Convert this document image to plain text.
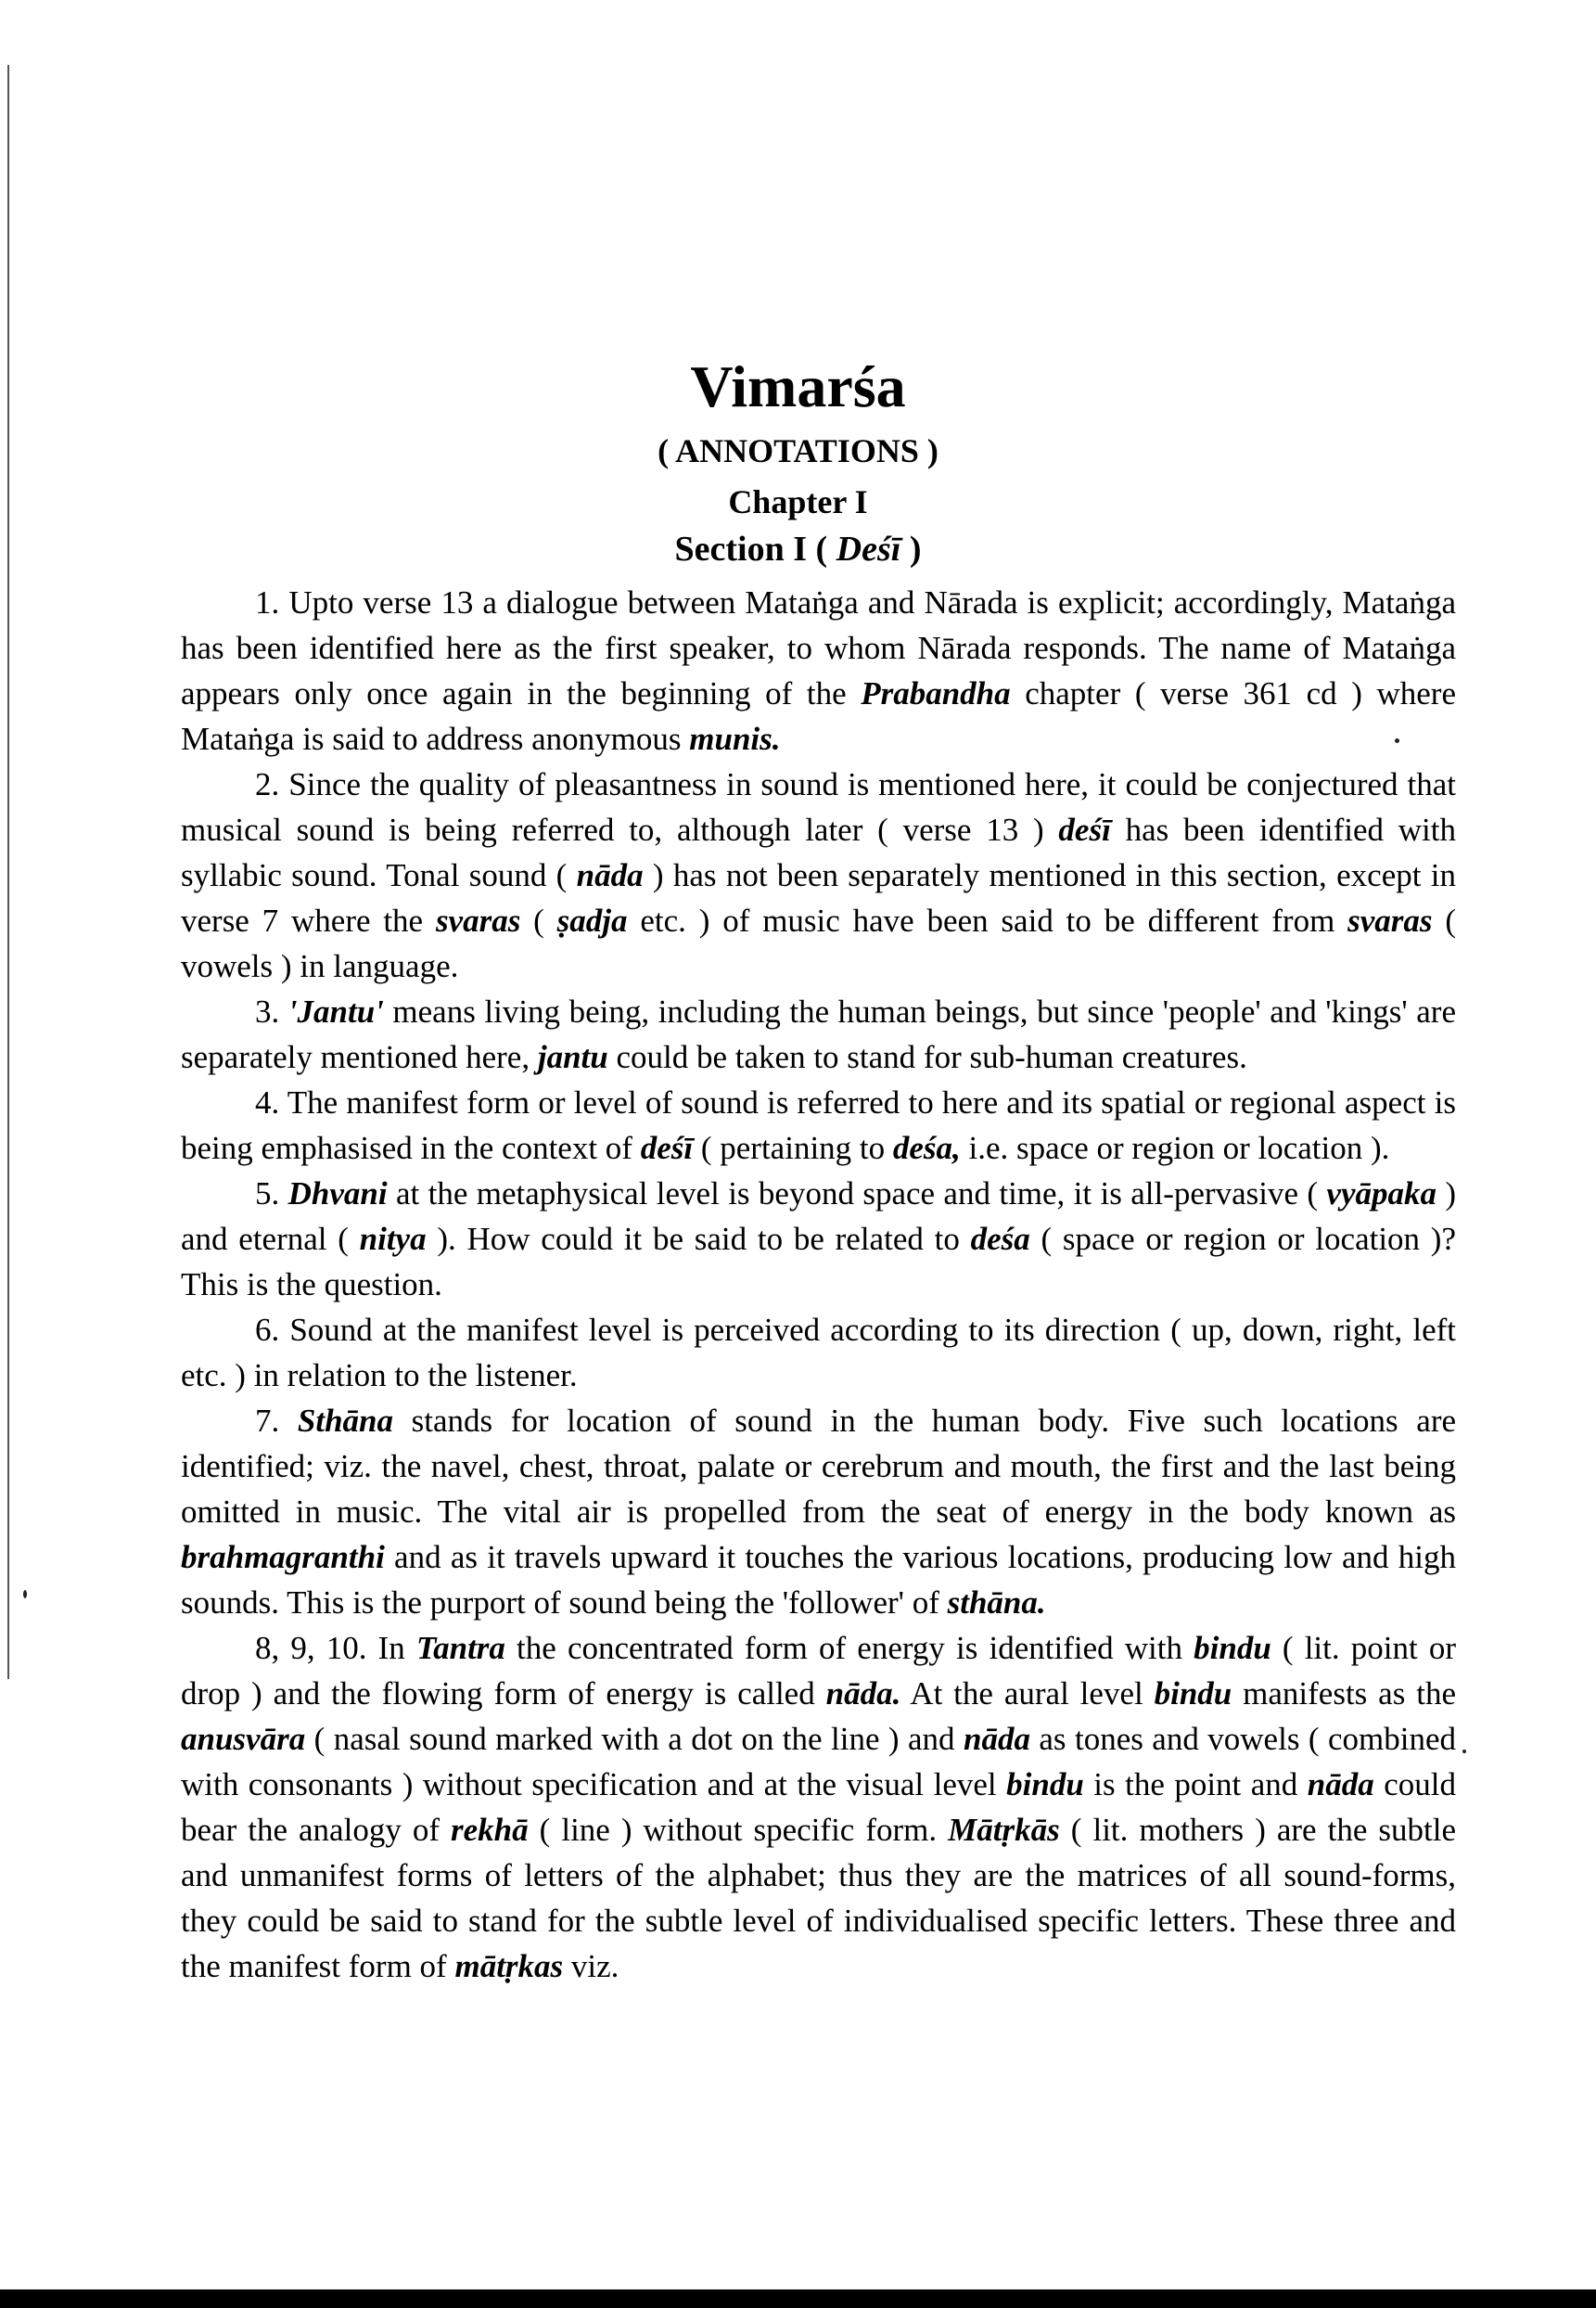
Vimarśa
( ANNOTATIONS )
Chapter I
Section I ( Deśī )

1. Upto verse 13 a dialogue between Mataṅga and Nārada is explicit; accordingly, Mataṅga has been identified here as the first speaker, to whom Nārada responds. The name of Mataṅga appears only once again in the beginning of the Prabandha chapter ( verse 361 cd ) where Mataṅga is said to address anonymous munis.

2. Since the quality of pleasantness in sound is mentioned here, it could be conjectured that musical sound is being referred to, although later ( verse 13 ) deśī has been identified with syllabic sound. Tonal sound ( nāda ) has not been separately mentioned in this section, except in verse 7 where the svaras ( ṣadja etc. ) of music have been said to be different from svaras ( vowels ) in language.

3. 'Jantu' means living being, including the human beings, but since 'people' and 'kings' are separately mentioned here, jantu could be taken to stand for sub-human creatures.

4. The manifest form or level of sound is referred to here and its spatial or regional aspect is being emphasised in the context of deśī ( pertaining to deśa, i.e. space or region or location ).

5. Dhvani at the metaphysical level is beyond space and time, it is all-pervasive ( vyāpaka ) and eternal ( nitya ). How could it be said to be related to deśa ( space or region or location )? This is the question.

6. Sound at the manifest level is perceived according to its direction ( up, down, right, left etc. ) in relation to the listener.

7. Sthāna stands for location of sound in the human body. Five such locations are identified; viz. the navel, chest, throat, palate or cerebrum and mouth, the first and the last being omitted in music. The vital air is propelled from the seat of energy in the body known as brahmagranthi and as it travels upward it touches the various locations, producing low and high sounds. This is the purport of sound being the 'follower' of sthāna.

8, 9, 10. In Tantra the concentrated form of energy is identified with bindu ( lit. point or drop ) and the flowing form of energy is called nāda. At the aural level bindu manifests as the anusvāra ( nasal sound marked with a dot on the line ) and nāda as tones and vowels ( combined with consonants ) without specification and at the visual level bindu is the point and nāda could bear the analogy of rekhā ( line ) without specific form. Mātṛkās ( lit. mothers ) are the subtle and unmanifest forms of letters of the alphabet; thus they are the matrices of all sound-forms, they could be said to stand for the subtle level of individualised specific letters. These three and the manifest form of mātṛkas viz.
